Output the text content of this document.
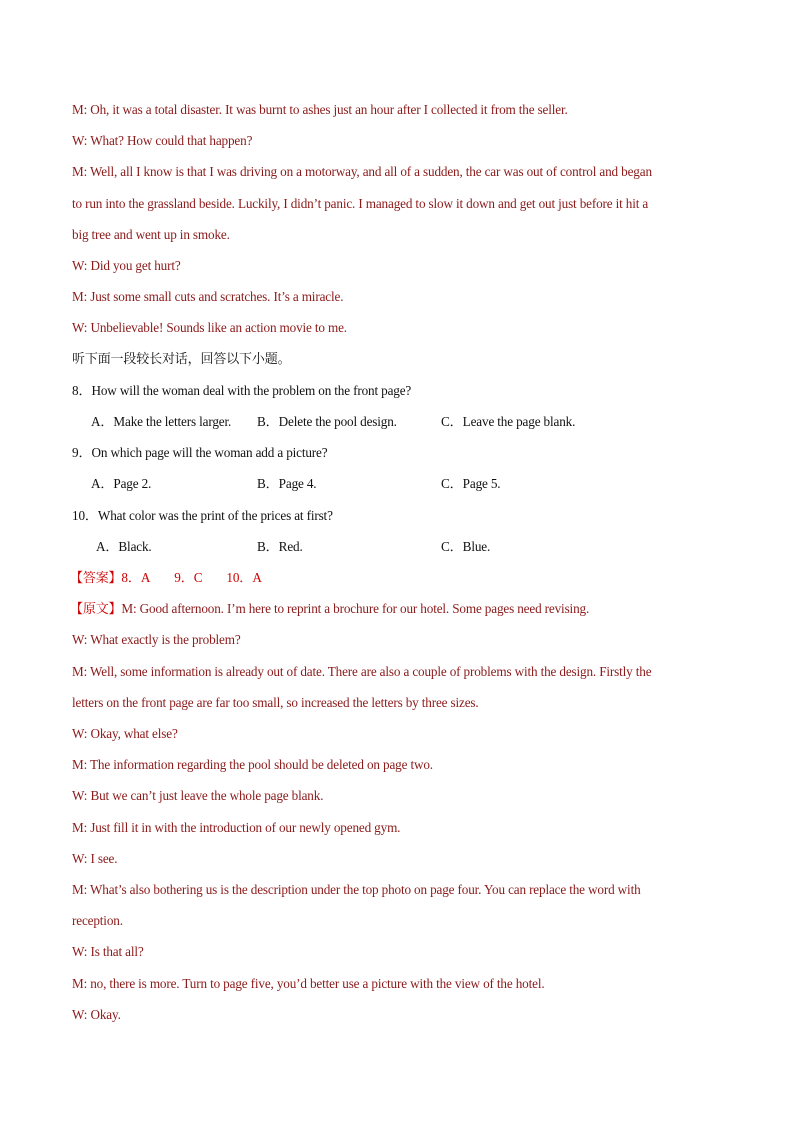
M: Oh, it was a total disaster. It was burnt to ashes just an hour after I collected it from the seller.
W: What? How could that happen?
M: Well, all I know is that I was driving on a motorway, and all of a sudden, the car was out of control and began
to run into the grassland beside. Luckily, I didn’t panic. I managed to slow it down and get out just before it hit a
big tree and went up in smoke.
W: Did you get hurt?
M: Just some small cuts and scratches. It’s a miracle.
W: Unbelievable! Sounds like an action movie to me.
听下面一段较长对话，回答以下小题。
8．How will the woman deal with the problem on the front page?
A．Make the letters larger. B．Delete the pool design.	C．Leave the page blank.
9．On which page will the woman add a picture?
A．Page 2.	B．Page 4.	C．Page 5.
10．What color was the print of the prices at first?
A．Black.	B．Red.	C．Blue.
【答案】8．A 9．C 10．A
【原文】M: Good afternoon. I’m here to reprint a brochure for our hotel. Some pages need revising.
W: What exactly is the problem?
M: Well, some information is already out of date. There are also a couple of problems with the design. Firstly the
letters on the front page are far too small, so increased the letters by three sizes.
W: Okay, what else?
M: The information regarding the pool should be deleted on page two.
W: But we can’t just leave the whole page blank.
M: Just fill it in with the introduction of our newly opened gym.
W: I see.
M: What’s also bothering us is the description under the top photo on page four. You can replace the word with
reception.
W: Is that all?
M: no, there is more. Turn to page five, you’d better use a picture with the view of the hotel.
W: Okay.
